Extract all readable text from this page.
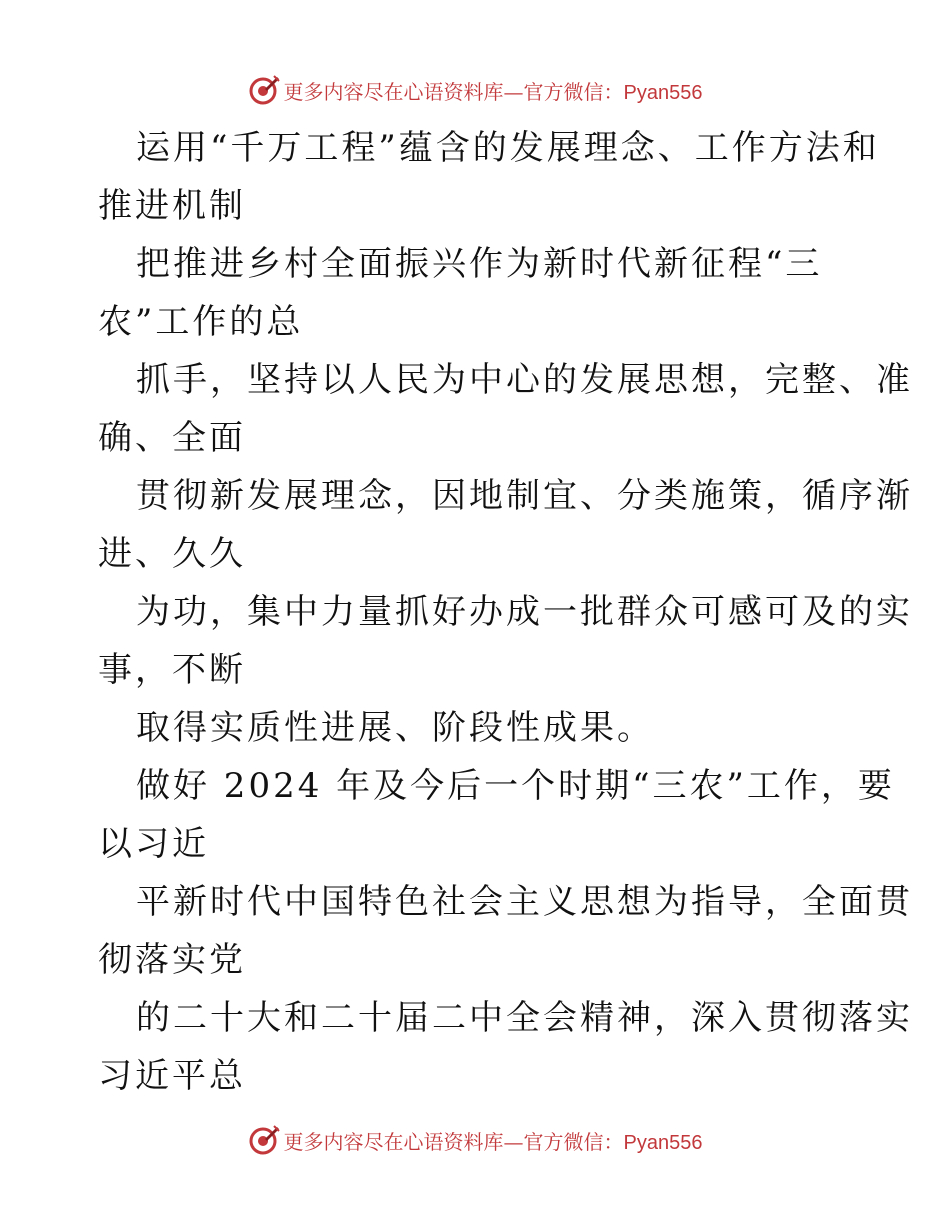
更多内容尽在心语资料库—官方微信：Pyan556
运用“千万工程”蕴含的发展理念、工作方法和
推进机制
把推进乡村全面振兴作为新时代新征程“三
农”工作的总
抓手，坚持以人民为中心的发展思想，完整、准
确、全面
贯彻新发展理念，因地制宜、分类施策，循序渐
进、久久
为功，集中力量抓好办成一批群众可感可及的实
事，不断
取得实质性进展、阶段性成果。
做好 2024 年及今后一个时期“三农”工作，要
以习近
平新时代中国特色社会主义思想为指导，全面贯
彻落实党
的二十大和二十届二中全会精神，深入贯彻落实
习近平总
更多内容尽在心语资料库—官方微信：Pyan556
